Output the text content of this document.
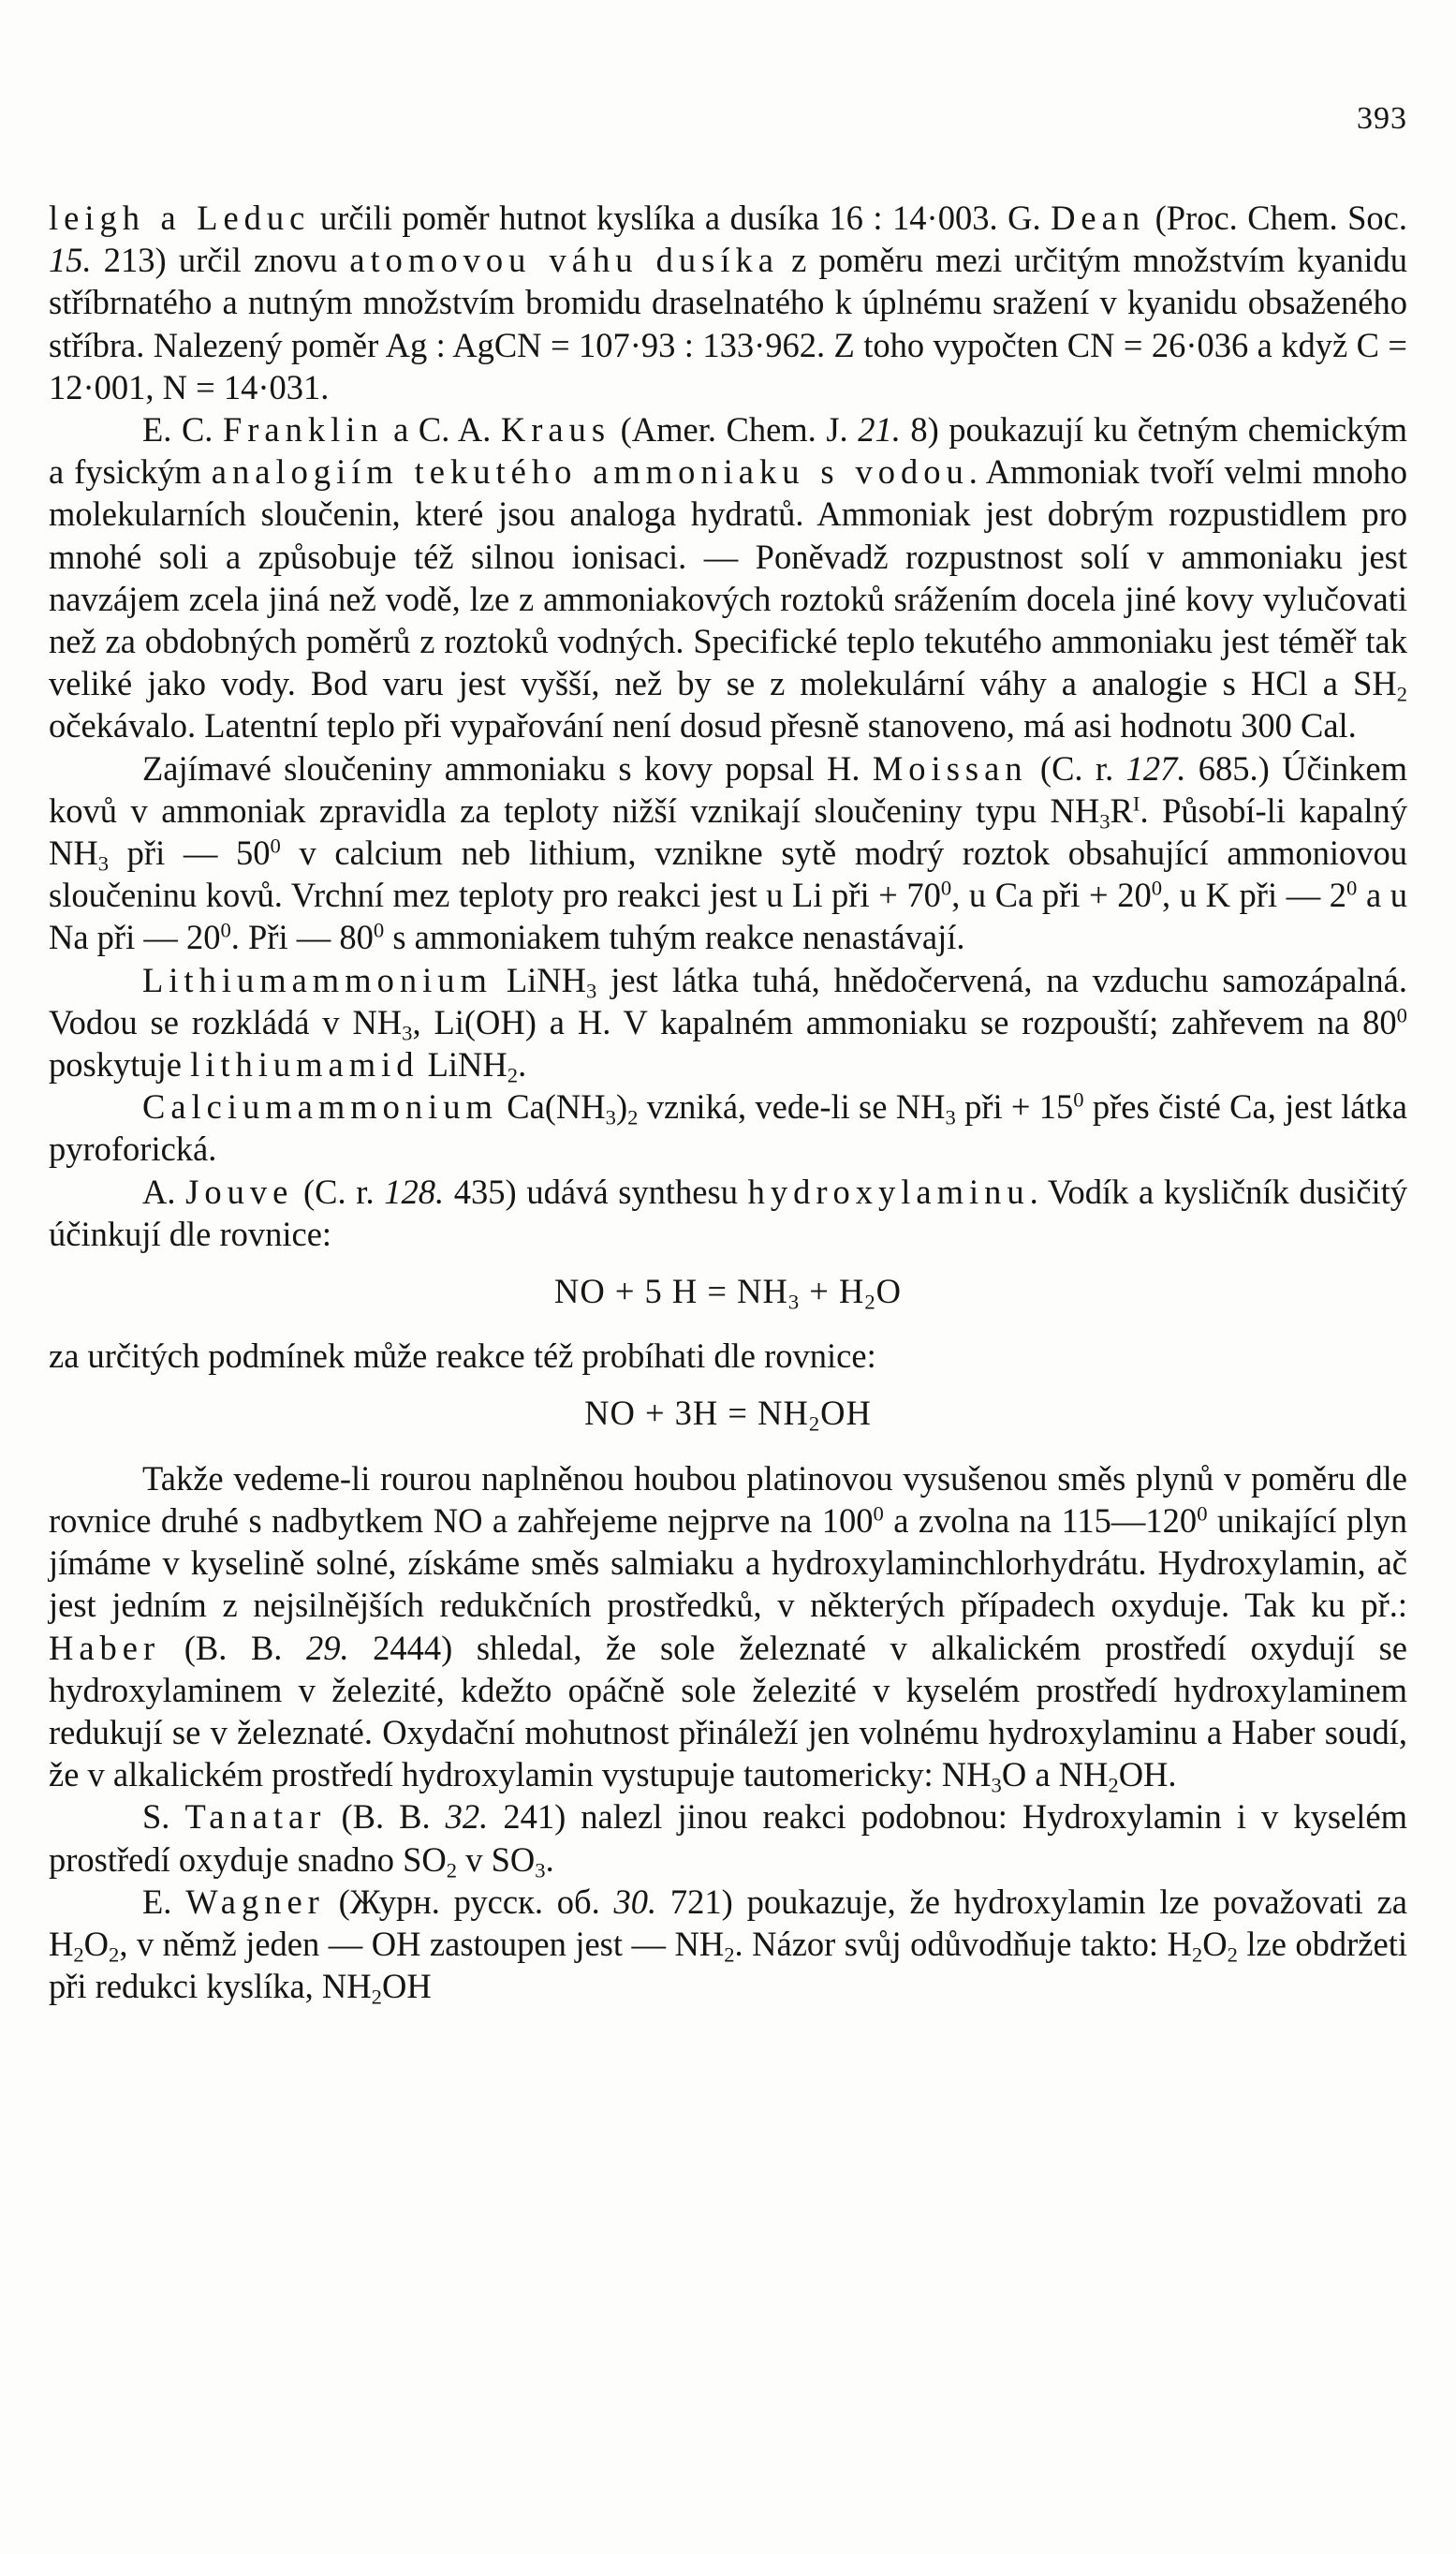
393

leigh a Leduc určili poměr hutnot kyslíka a dusíka 16 : 14·003. G. Dean (Proc. Chem. Soc. 15. 213) určil znovu atomovou váhu dusíka z poměru mezi určitým množstvím kyanidu stříbrnatého a nutným množstvím bromidu draselnatého k úplnému sražení v kyanidu obsaženého stříbra. Nalezený poměr Ag : AgCN = 107·93 : 133·962. Z toho vypočten CN = 26·036 a když C = 12·001, N = 14·031.

E. C. Franklin a C. A. Kraus (Amer. Chem. J. 21. 8) poukazují ku četným chemickým a fysickým analogiím tekutého ammoniaku s vodou. Ammoniak tvoří velmi mnoho molekularních sloučenin, které jsou analoga hydratů. Ammoniak jest dobrým rozpustidlem pro mnohé soli a způsobuje též silnou ionisaci. — Poněvadž rozpustnost solí v ammoniaku jest navzájem zcela jiná než vodě, lze z ammoniakových roztoků srážením docela jiné kovy vylučovati než za obdobných poměrů z roztoků vodných. Specifické teplo tekutého ammoniaku jest téměř tak veliké jako vody. Bod varu jest vyšší, než by se z molekulární váhy a analogie s HCl a $SH_2$ očekávalo. Latentní teplo při vypařování není dosud přesně stanoveno, má asi hodnotu 300 Cal.

Zajímavé sloučeniny ammoniaku s kovy popsal H. Moissan (C. r. 127. 685.) Účinkem kovů v ammoniak zpravidla za teploty nižší vznikají sloučeniny typu $NH_3R^I$. Působí-li kapalný $NH_3$ při — $50^0$ v calcium neb lithium, vznikne sytě modrý roztok obsahující ammoniovou sloučeninu kovů. Vrchní mez teploty pro reakci jest u Li při + $70^0$, u Ca při + $20^0$, u K při — $2^0$ a u Na při — $20^0$. Při — $80^0$ s ammoniakem tuhým reakce nenastávají.

Lithiumammonium LiNH$_3$ jest látka tuhá, hnědočervená, na vzduchu samozápalná. Vodou se rozkládá v $NH_3$, Li(OH) a H. V kapalném ammoniaku se rozpouští; zahřevem na $80^0$ poskytuje lithiumamid LiNH$_2$.

Calciumammonium $Ca(NH_3)_2$ vzniká, vede-li se $NH_3$ při + $15^0$ přes čisté Ca, jest látka pyroforická.

A. Jouve (C. r. 128. 435) udává synthesu hydroxylaminu. Vodík a kysličník dusičitý účinkují dle rovnice:

NO + 5 $H = NH_3 + H_2O$

za určitých podmínek může reakce též probíhati dle rovnice:

NO + $3H = NH_2OH$

Takže vedeme-li rourou naplněnou houbou platinovou vysušenou směs plynů v poměru dle rovnice druhé s nadbytkem NO a zahřejeme nejprve na $100^0$ a zvolna na $115—120^0$ unikající plyn jímáme v kyselině solné, získáme směs salmiaku a hydroxylaminchlorhydrátu. Hydroxylamin, ač jest jedním z nejsilnějších redukčních prostředků, v některých případech oxyduje. Tak ku př.: Haber (B. B. 29. 2444) shledal, že sole železnaté v alkalickém prostředí oxydují se hydroxylaminem v železité, kdežto opáčně sole železité v kyselém prostředí hydroxylaminem redukují se v železnaté. Oxydační mohutnost přináleží jen volnému hydroxylaminu a Haber soudí, že v alkalickém prostředí hydroxylamin vystupuje tautomericky: $NH_3O$ a $NH_2OH$.

S. Tanatar (B. B. 32. 241) nalezl jinou reakci podobnou: Hydroxylamin i v kyselém prostředí oxyduje snadno $SO_2$ v $SO_3$.

E. Wagner (Журн. русск. об. 30. 721) poukazuje, že hydroxylamin lze považovati za $H_2O_2$, v němž jeden — OH zastoupen jest — $NH_2$. Názor svůj odůvodňuje takto: $H_2O_2$ lze obdržeti při redukci kyslíka, $NH_2OH$
